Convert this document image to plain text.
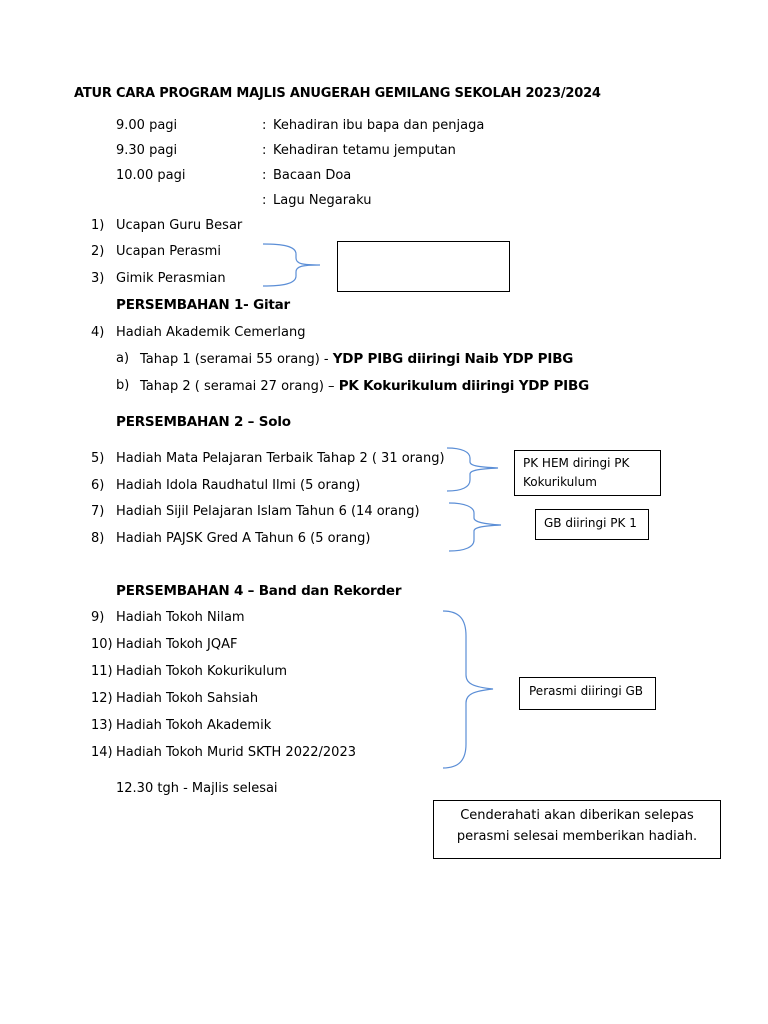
ATUR CARA PROGRAM MAJLIS ANUGERAH GEMILANG SEKOLAH 2023/2024
9.00 pagi	: Kehadiran ibu bapa dan penjaga
9.30 pagi	: Kehadiran tetamu jemputan
10.00 pagi	: Bacaan Doa
: Lagu Negaraku
1) Ucapan Guru Besar
2) Ucapan Perasmi
3) Gimik Perasmian
PERSEMBAHAN 1- Gitar
4) Hadiah Akademik Cemerlang
a) Tahap 1 (seramai 55 orang) - YDP PIBG diiringi Naib YDP PIBG
b) Tahap 2 ( seramai 27 orang) – PK Kokurikulum diiringi YDP PIBG
PERSEMBAHAN 2 – Solo
5) Hadiah Mata Pelajaran Terbaik Tahap 2 ( 31 orang)
6) Hadiah Idola Raudhatul Ilmi (5 orang)
7) Hadiah Sijil Pelajaran Islam Tahun 6 (14 orang)
8) Hadiah PAJSK Gred A Tahun 6 (5 orang)
PK HEM diringi PK Kokurikulum
GB diiringi PK 1
PERSEMBAHAN 4 – Band dan Rekorder
9) Hadiah Tokoh Nilam
10) Hadiah Tokoh JQAF
11) Hadiah Tokoh Kokurikulum
12) Hadiah Tokoh Sahsiah
13) Hadiah Tokoh Akademik
14) Hadiah Tokoh Murid SKTH 2022/2023
Perasmi diiringi GB
12.30 tgh - Majlis selesai
Cenderahati akan diberikan selepas perasmi selesai memberikan hadiah.
